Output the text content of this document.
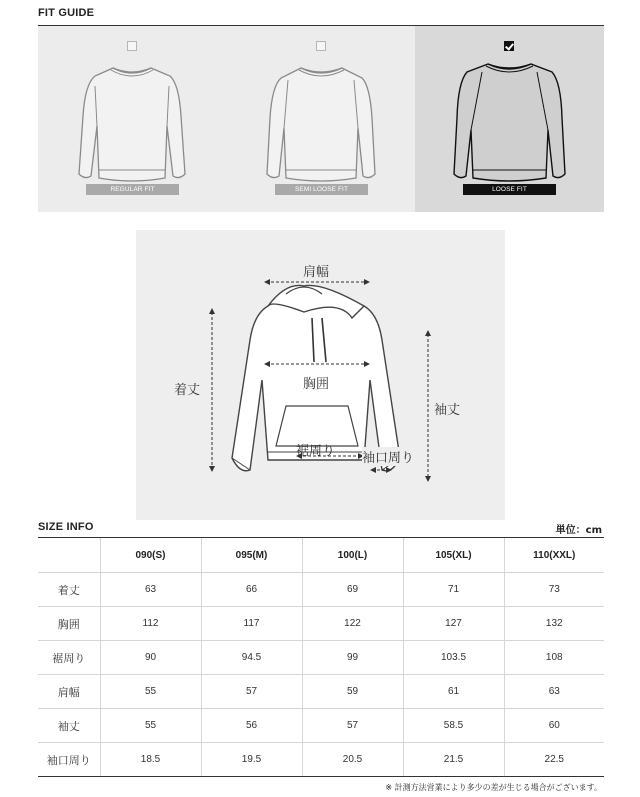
FIT GUIDE
REGULAR FIT	SEMI LOOSE FIT	LOOSE FIT
肩幅
胸囲
着丈
袖丈
裾周り 袖口周り
SIZE INFO	単位：cm
	090(S)	095(M)	100(L)	105(XL)	110(XXL)
着丈	63	66	69	71	73
胸囲	112	117	122	127	132
裾周り	90	94.5	99	103.5	108
肩幅	55	57	59	61	63
袖丈	55	56	57	58.5	60
袖口周り	18.5	19.5	20.5	21.5	22.5
※ 計測方法営業により多少の差が生じる場合がございます。
